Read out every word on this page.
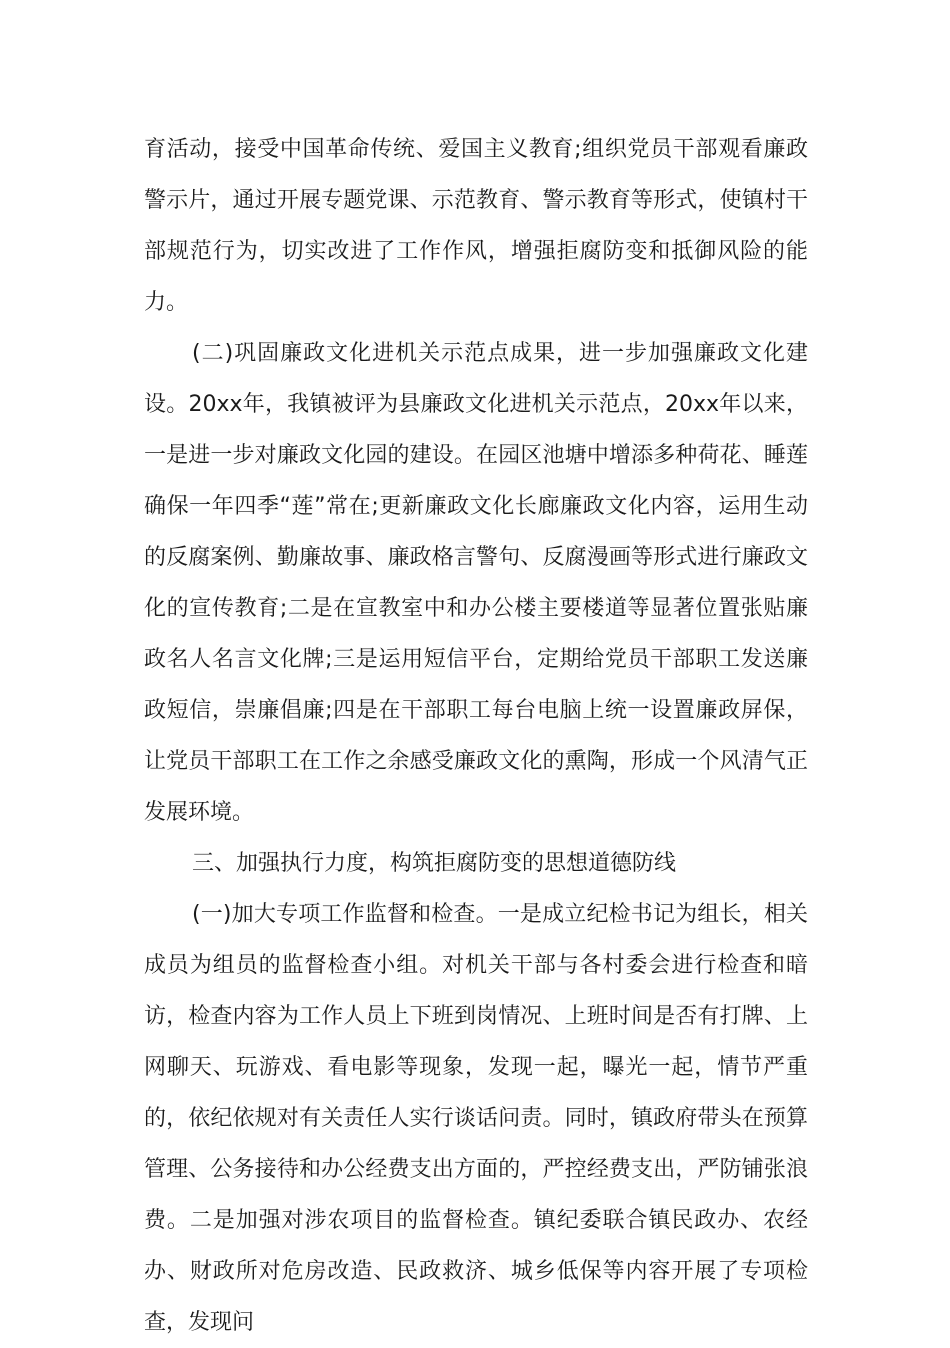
育活动，接受中国革命传统、爱国主义教育;组织党员干部观看廉政警示片，通过开展专题党课、示范教育、警示教育等形式，使镇村干部规范行为，切实改进了工作作风，增强拒腐防变和抵御风险的能力。

(二)巩固廉政文化进机关示范点成果，进一步加强廉政文化建设。20xx年，我镇被评为县廉政文化进机关示范点，20xx年以来，一是进一步对廉政文化园的建设。在园区池塘中增添多种荷花、睡莲确保一年四季“莲”常在;更新廉政文化长廊廉政文化内容，运用生动的反腐案例、勤廉故事、廉政格言警句、反腐漫画等形式进行廉政文化的宣传教育;二是在宣教室中和办公楼主要楼道等显著位置张贴廉政名人名言文化牌;三是运用短信平台，定期给党员干部职工发送廉政短信，崇廉倡廉;四是在干部职工每台电脑上统一设置廉政屏保，让党员干部职工在工作之余感受廉政文化的熏陶，形成一个风清气正发展环境。

三、加强执行力度，构筑拒腐防变的思想道德防线

(一)加大专项工作监督和检查。一是成立纪检书记为组长，相关成员为组员的监督检查小组。对机关干部与各村委会进行检查和暗访，检查内容为工作人员上下班到岗情况、上班时间是否有打牌、上网聊天、玩游戏、看电影等现象，发现一起，曝光一起，情节严重的，依纪依规对有关责任人实行谈话问责。同时，镇政府带头在预算管理、公务接待和办公经费支出方面的，严控经费支出，严防铺张浪费。二是加强对涉农项目的监督检查。镇纪委联合镇民政办、农经办、财政所对危房改造、民政救济、城乡低保等内容开展了专项检查，发现问
